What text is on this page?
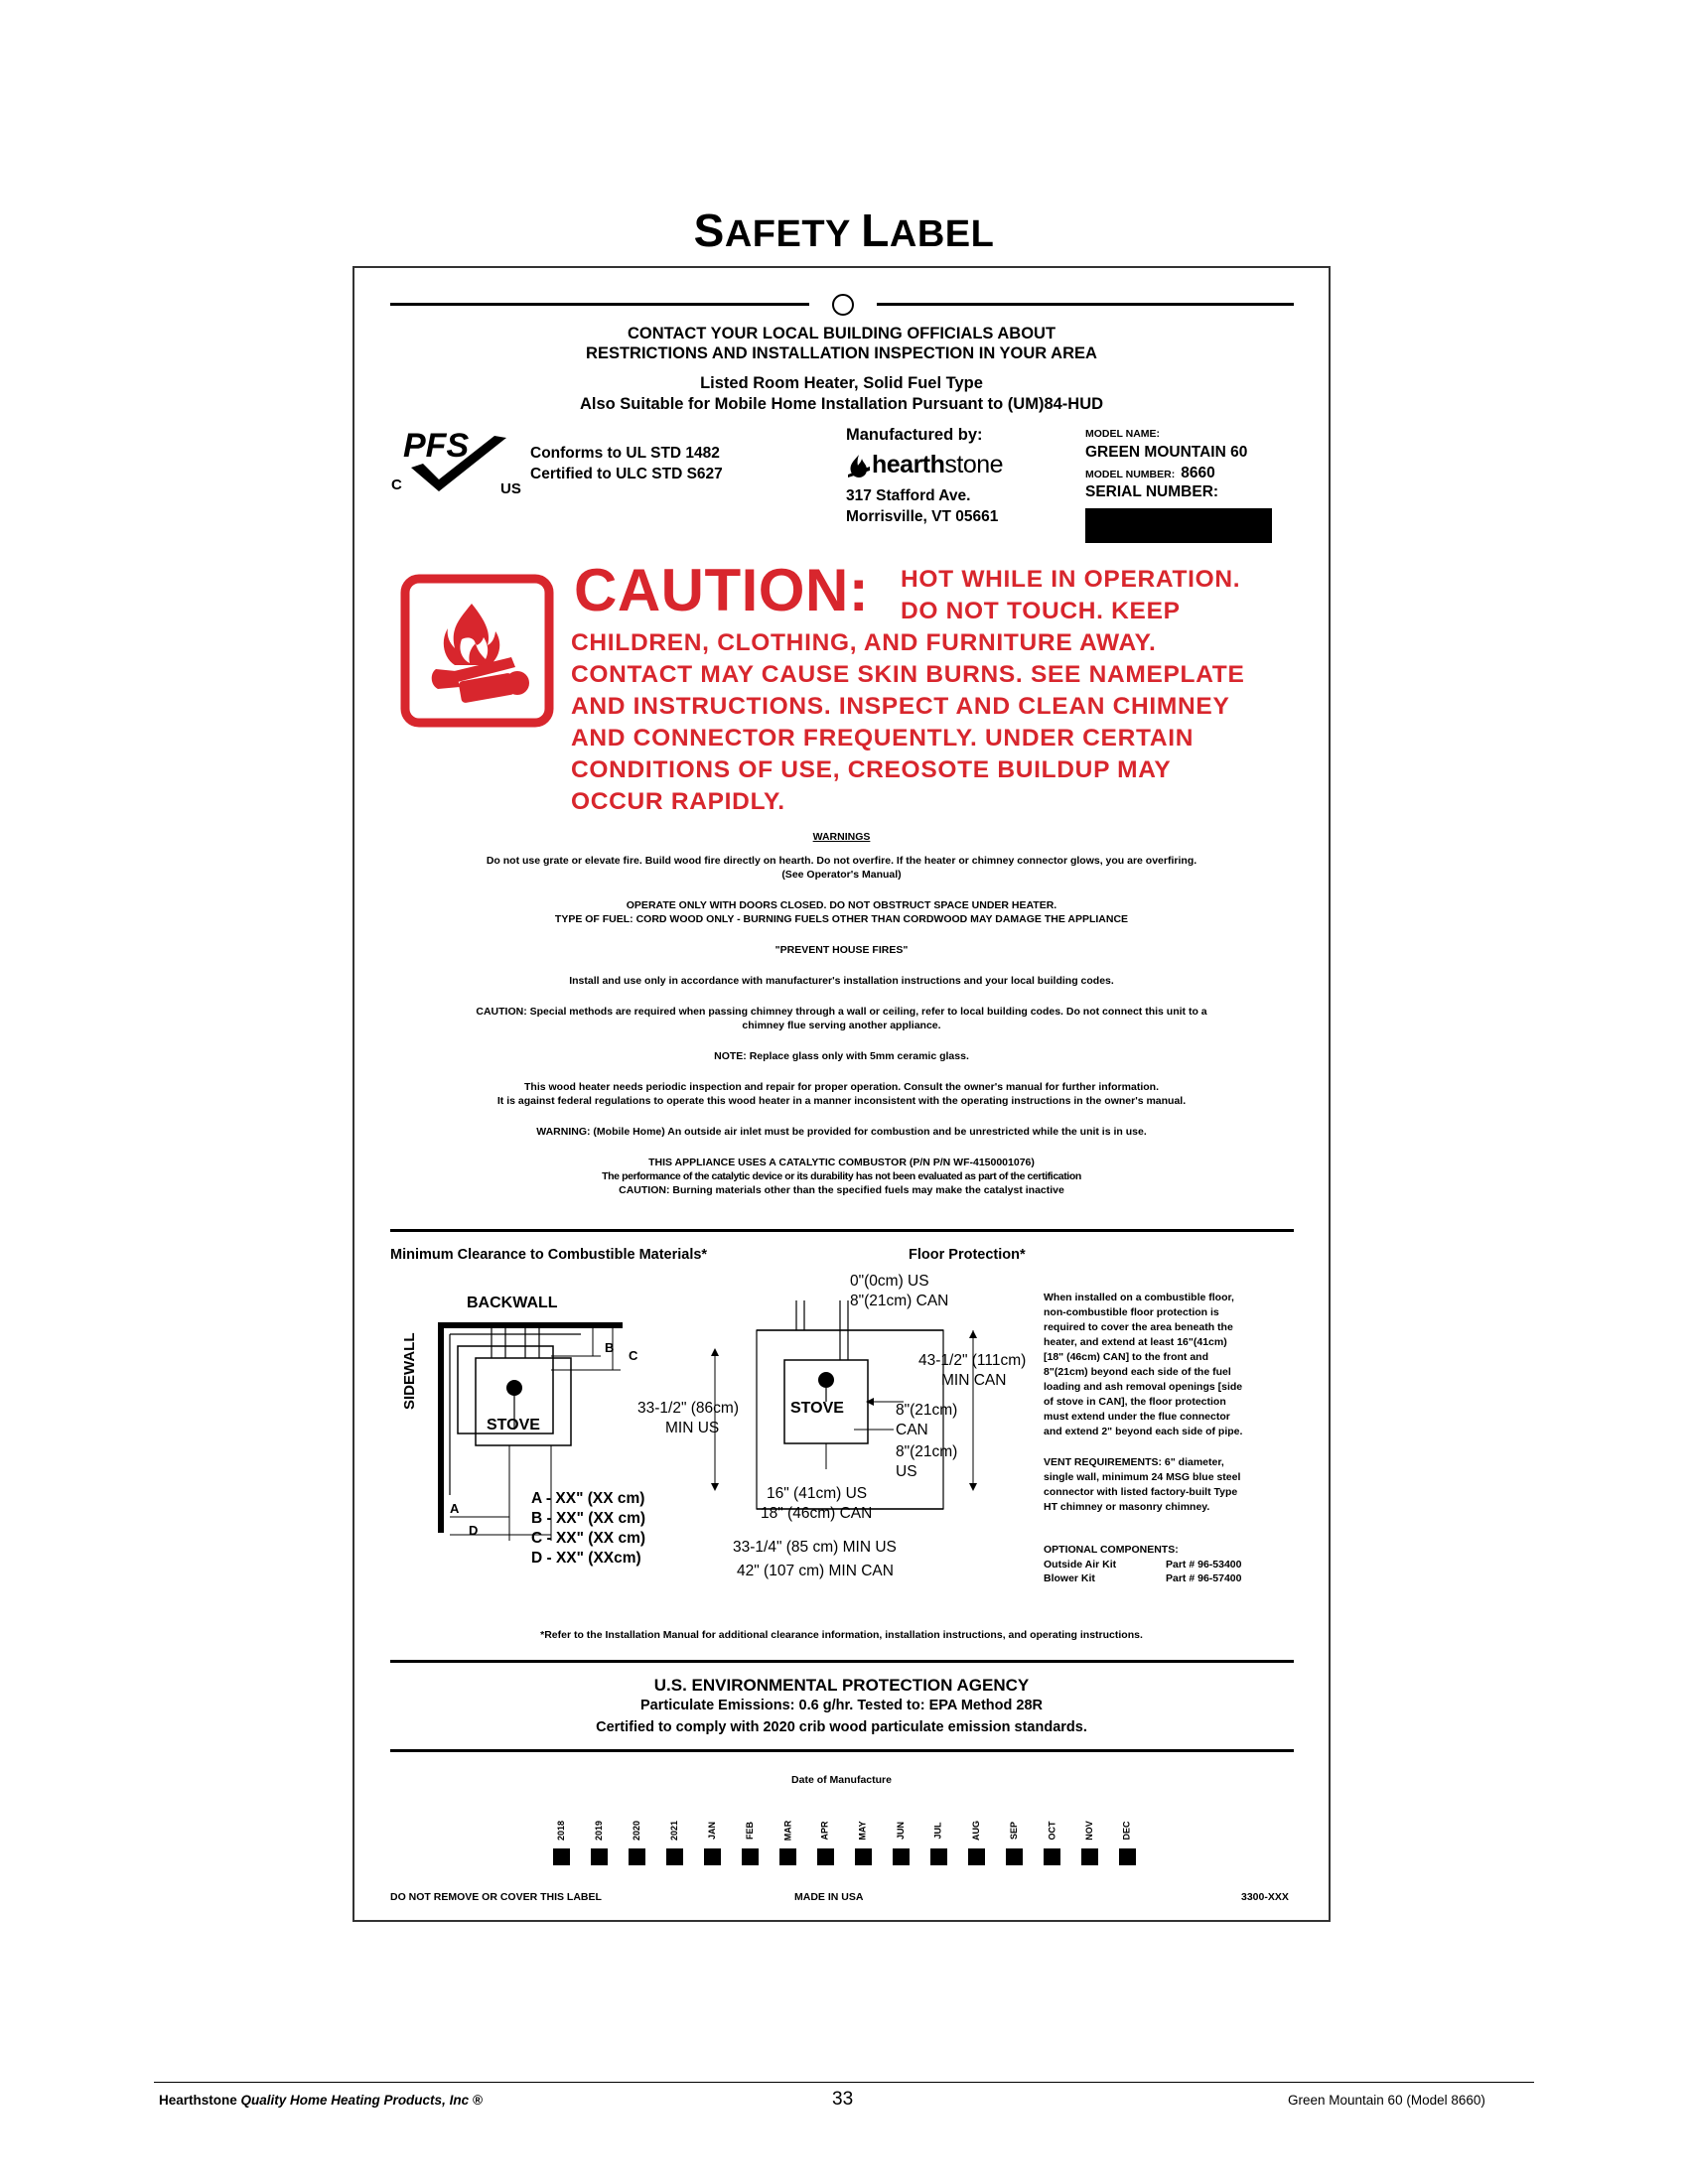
SAFETY LABEL
CONTACT YOUR LOCAL BUILDING OFFICIALS ABOUT
RESTRICTIONS AND INSTALLATION INSPECTION IN YOUR AREA
Listed Room Heater, Solid Fuel Type
Also Suitable for Mobile Home Installation Pursuant to (UM)84-HUD
PFS
C	US
Conforms to UL STD 1482
Certified to ULC STD S627
Manufactured by:
hearth stone
317 Stafford Ave.
Morrisville, VT 05661
MODEL NAME:
GREEN MOUNTAIN 60
MODEL NUMBER: 8660
SERIAL NUMBER:
CAUTION: HOT WHILE IN OPERATION.
DO NOT TOUCH. KEEP
CHILDREN, CLOTHING, AND FURNITURE AWAY.
CONTACT MAY CAUSE SKIN BURNS. SEE NAMEPLATE
AND INSTRUCTIONS. INSPECT AND CLEAN CHIMNEY
AND CONNECTOR FREQUENTLY. UNDER CERTAIN
CONDITIONS OF USE, CREOSOTE BUILDUP MAY
OCCUR RAPIDLY.
WARNINGS
Do not use grate or elevate fire. Build wood fire directly on hearth. Do not overfire. If the heater or chimney connector glows, you are overfiring.
(See Operator's Manual)
OPERATE ONLY WITH DOORS CLOSED. DO NOT OBSTRUCT SPACE UNDER HEATER.
TYPE OF FUEL: CORD WOOD ONLY - BURNING FUELS OTHER THAN CORDWOOD MAY DAMAGE THE APPLIANCE
"PREVENT HOUSE FIRES"
Install and use only in accordance with manufacturer's installation instructions and your local building codes.
CAUTION: Special methods are required when passing chimney through a wall or ceiling, refer to local building codes. Do not connect this unit to a
chimney flue serving another appliance.
NOTE: Replace glass only with 5mm ceramic glass.
This wood heater needs periodic inspection and repair for proper operation. Consult the owner's manual for further information.
It is against federal regulations to operate this wood heater in a manner inconsistent with the operating instructions in the owner's manual.
WARNING: (Mobile Home) An outside air inlet must be provided for combustion and be unrestricted while the unit is in use.
THIS APPLIANCE USES A CATALYTIC COMBUSTOR (P/N P/N WF-4150001076)
The performance of the catalytic device or its durability has not been evaluated as part of the certification
CAUTION: Burning materials other than the specified fuels may make the catalyst inactive
Minimum Clearance to Combustible Materials*	Floor Protection*
BACKWALL
SIDEWALL
STOVE
B
C
A
D
A - XX" (XX cm)
B - XX" (XX cm)
C - XX" (XX cm)
D - XX" (XXcm)
0"(0cm) US
8"(21cm) CAN
STOVE
33-1/2" (86cm)
MIN US
43-1/2" (111cm)
MIN CAN
8"(21cm)
CAN
8"(21cm)
US
16" (41cm) US
18" (46cm) CAN
33-1/4" (85 cm) MIN US
42" (107 cm) MIN CAN
When installed on a combustible floor,
non-combustible floor protection is
required to cover the area beneath the
heater, and extend at least 16"(41cm)
[18" (46cm) CAN] to the front and
8"(21cm) beyond each side of the fuel
loading and ash removal openings [side
of stove in CAN], the floor protection
must extend under the flue connector
and extend 2" beyond each side of pipe.
VENT REQUIREMENTS: 6" diameter,
single wall, minimum 24 MSG blue steel
connector with listed factory-built Type
HT chimney or masonry chimney.
OPTIONAL COMPONENTS:
Outside Air Kit	Part # 96-53400
Blower Kit	Part # 96-57400
*Refer to the Installation Manual for additional clearance information, installation instructions, and operating instructions.
U.S. ENVIRONMENTAL PROTECTION AGENCY
Particulate Emissions: 0.6 g/hr. Tested to: EPA Method 28R
Certified to comply with 2020 crib wood particulate emission standards.
Date of Manufacture
2018	2019	2020	2021	JAN	FEB	MAR	APR	MAY	JUN	JUL	AUG	SEP	OCT	NOV	DEC
DO NOT REMOVE OR COVER THIS LABEL	MADE IN USA	3300-XXX
Hearthstone Quality Home Heating Products, Inc ®	33	Green Mountain 60 (Model 8660)
